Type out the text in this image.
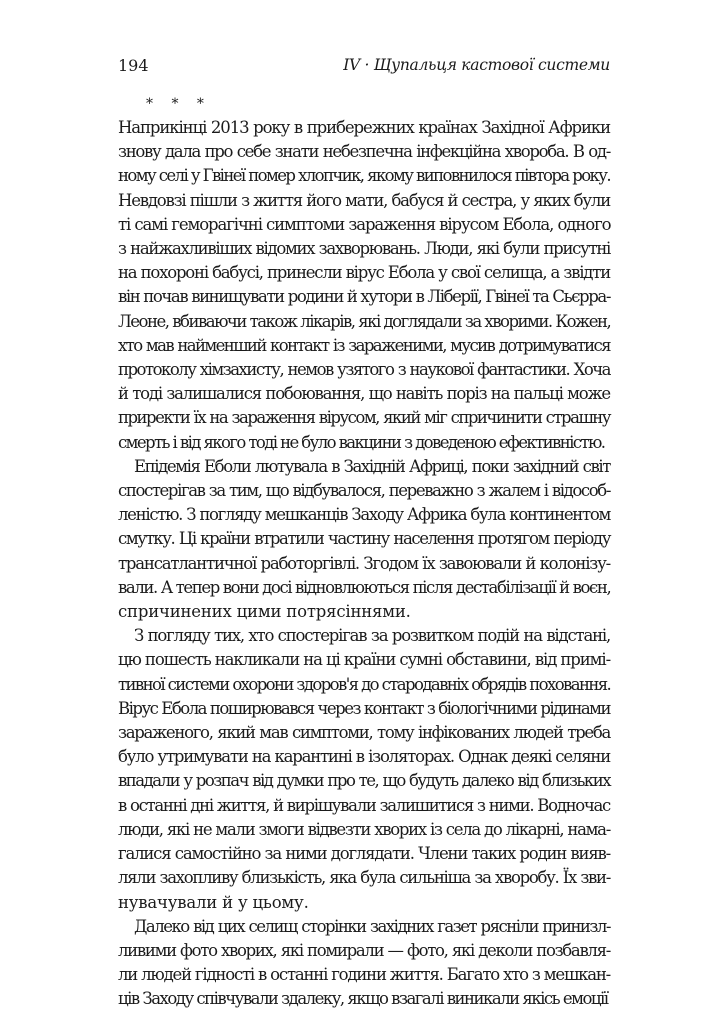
194	IV · Щупальця кастової системи
* * *
Наприкінці 2013 року в прибережних країнах Західної Африки
знову дала про себе знати небезпечна інфекційна хвороба. В од-
ному селі у Гвінеї помер хлопчик, якому виповнилося півтора року.
Невдовзі пішли з життя його мати, бабуся й сестра, у яких були
ті самі геморагічні симптоми зараження вірусом Ебола, одного
з найжахливіших відомих захворювань. Люди, які були присутні
на похороні бабусі, принесли вірус Ебола у свої селища, а звідти
він почав винищувати родини й хутори в Ліберії, Гвінеї та Сьєрра-
Леоне, вбиваючи також лікарів, які доглядали за хворими. Кожен,
хто мав найменший контакт із зараженими, мусив дотримуватися
протоколу хімзахисту, немов узятого з наукової фантастики. Хоча
й тоді залишалися побоювання, що навіть поріз на пальці може
приректи їх на зараження вірусом, який міг спричинити страшну
смерть і від якого тоді не було вакцини з доведеною ефективністю.
Епідемія Еболи лютувала в Західній Африці, поки західний світ
спостерігав за тим, що відбувалося, переважно з жалем і відособ-
леністю. З погляду мешканців Заходу Африка була континентом
смутку. Ці країни втратили частину населення протягом періоду
трансатлантичної работоргівлі. Згодом їх завоювали й колонізу-
вали. А тепер вони досі відновлюються після дестабілізації й воєн,
спричинених цими потрясіннями.
З погляду тих, хто спостерігав за розвитком подій на відстані,
цю пошесть накликали на ці країни сумні обставини, від примі-
тивної системи охорони здоров'я до стародавніх обрядів поховання.
Вірус Ебола поширювався через контакт з біологічними рідинами
зараженого, який мав симптоми, тому інфікованих людей треба
було утримувати на карантині в ізоляторах. Однак деякі селяни
впадали у розпач від думки про те, що будуть далеко від близьких
в останні дні життя, й вирішували залишитися з ними. Водночас
люди, які не мали змоги відвезти хворих із села до лікарні, нама-
галися самостійно за ними доглядати. Члени таких родин вияв-
ляли захопливу близькість, яка була сильніша за хворобу. Їх зви-
нувачували й у цьому.
Далеко від цих селищ сторінки західних газет рясніли принизл-
ливими фото хворих, які помирали — фото, які деколи позбавля-
ли людей гідності в останні години життя. Багато хто з мешкан-
ців Заходу співчували здалеку, якщо взагалі виникали якісь емоції
